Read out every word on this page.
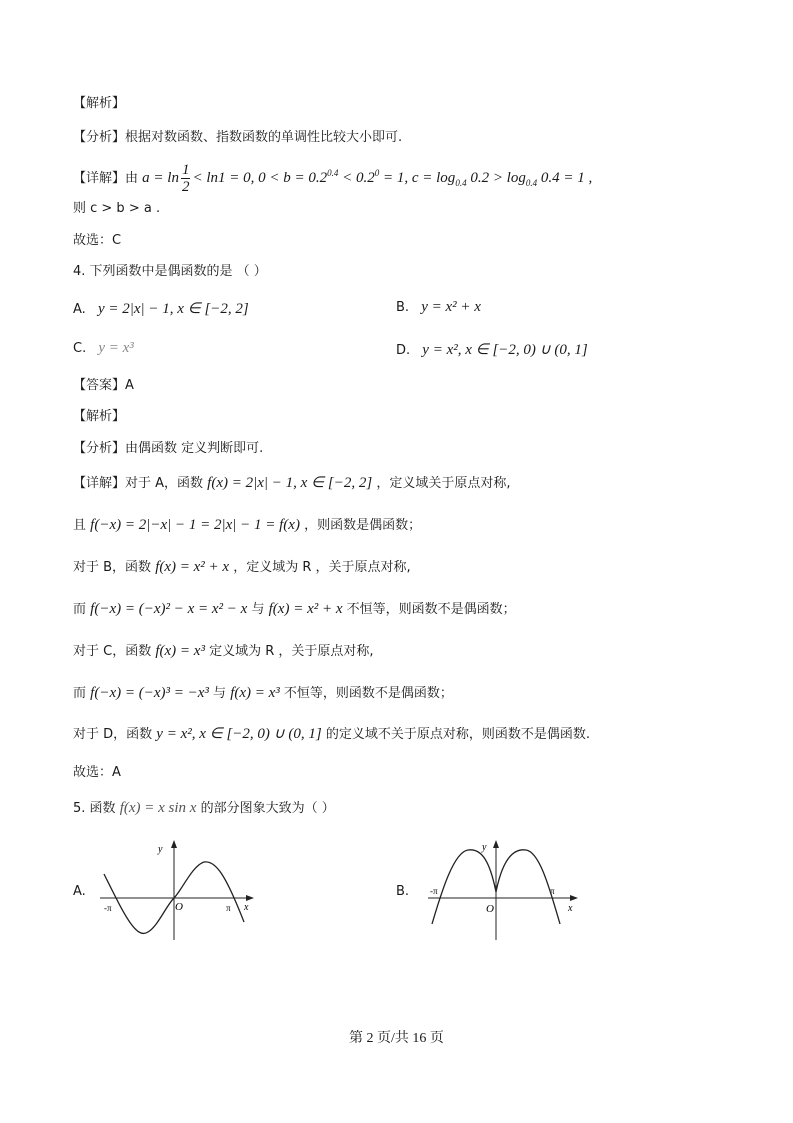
【解析】
【分析】根据对数函数、指数函数的单调性比较大小即可.
【详解】由 $a = \ln \frac{1}{2} < \ln 1 = 0$, $0 < b = 0.2^{0.4} < 0.2^0 = 1$, $c = \log_{0.4} 0.2 > \log_{0.4} 0.4 = 1$ ,
则 c > b > a .
故选：C
4. 下列函数中是偶函数的是 （ ）
A. y = 2|x| − 1, x ∈ [−2, 2]	B. y = x² + x
C. y = x³	D. y = x², x ∈ [−2, 0) ∪ (0, 1]
【答案】A
【解析】
【分析】由偶函数 定义判断即可.
【详解】对于 A，函数 f(x) = 2|x| − 1, x ∈ [−2, 2] ，定义域关于原点对称,
且 f(−x) = 2|−x| − 1 = 2|x| − 1 = f(x) ，则函数是偶函数；
对于 B，函数 f(x) = x² + x ，定义域为 R ，关于原点对称,
而 f(−x) = (−x)² − x = x² − x 与 f(x) = x² + x 不恒等，则函数不是偶函数；
对于 C，函数 f(x) = x³ 定义域为 R ，关于原点对称,
而 f(−x) = (−x)³ = −x³ 与 f(x) = x³ 不恒等，则函数不是偶函数；
对于 D，函数 y = x², x ∈ [−2, 0) ∪ (0, 1] 的定义域不关于原点对称，则函数不是偶函数.
故选：A
5. 函数 f(x) = x sin x 的部分图象大致为（ ）
A.
y
x
O
-π	π
B.
y
x
O
-π	π
第 2 页/共 16 页
